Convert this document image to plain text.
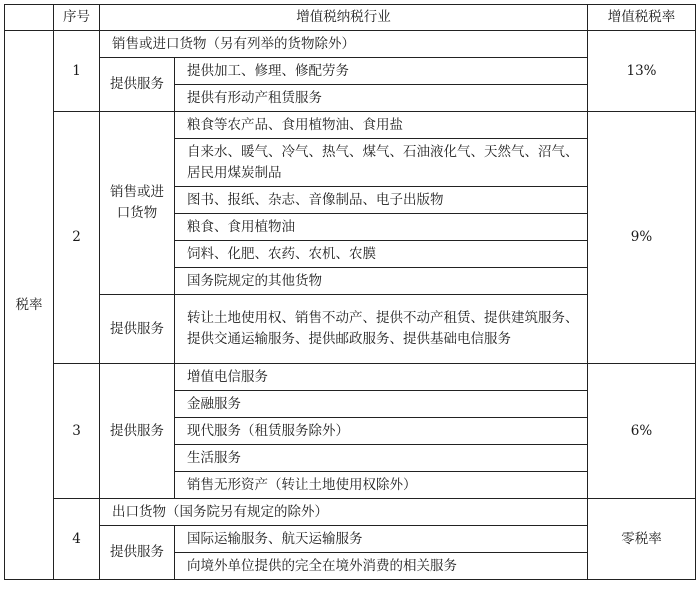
	序号	增值税纳税行业		增值税税率
税率	1	销售或进口货物（另有列举的货物除外）		13%
		提供服务	提供加工、修理、修配劳务	
			提供有形动产租赁服务	
	2	销售或进口货物	粮食等农产品、食用植物油、食用盐	9%
			自来水、暖气、冷气、热气、煤气、石油液化气、天然气、沼气、居民用煤炭制品	
			图书、报纸、杂志、音像制品、电子出版物	
			粮食、食用植物油	
			饲料、化肥、农药、农机、农膜	
			国务院规定的其他货物	
		提供服务	转让土地使用权、销售不动产、提供不动产租赁、提供建筑服务、提供交通运输服务、提供邮政服务、提供基础电信服务	
	3	提供服务	增值电信服务	6%
			金融服务	
			现代服务（租赁服务除外）	
			生活服务	
			销售无形资产（转让土地使用权除外）	
	4	出口货物（国务院另有规定的除外）		零税率
		提供服务	国际运输服务、航天运输服务	
			向境外单位提供的完全在境外消费的相关服务	
